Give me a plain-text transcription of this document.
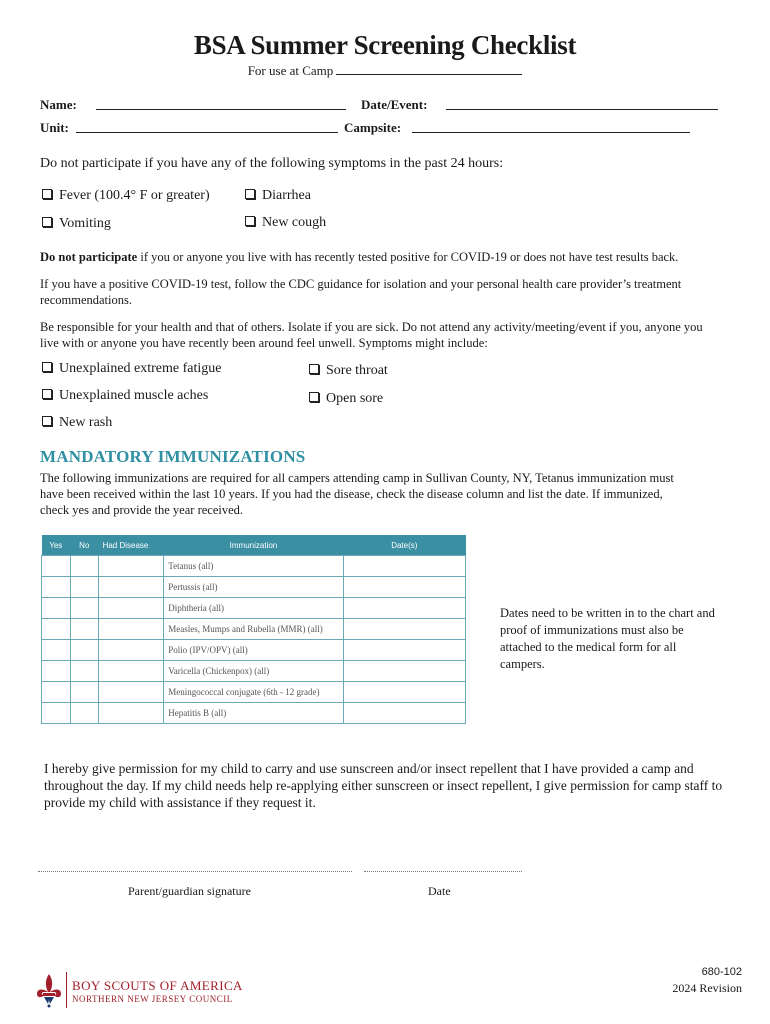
BSA Summer Screening Checklist
For use at Camp
Name:	Date/Event:
Unit:	Campsite:
Do not participate if you have any of the following symptoms in the past 24 hours:
Fever (100.4° F or greater)	Diarrhea
Vomiting	New cough
Do not participate if you or anyone you live with has recently tested positive for COVID-19 or does not have test results back.
If you have a positive COVID-19 test, follow the CDC guidance for isolation and your personal health care provider’s treatment recommendations.
Be responsible for your health and that of others. Isolate if you are sick. Do not attend any activity/meeting/event if you, anyone you live with or anyone you have recently been around feel unwell. Symptoms might include:
Unexplained extreme fatigue	Sore throat
Unexplained muscle aches	Open sore
New rash
MANDATORY IMMUNIZATIONS
The following immunizations are required for all campers attending camp in Sullivan County, NY, Tetanus immunization must have been received within the last 10 years. If you had the disease, check the disease column and list the date. If immunized, check yes and provide the year received.
Yes	No	Had Disease	Immunization	Date(s)
			Tetanus (all)	
			Pertussis (all)	
			Diphtheria (all)	
			Measles, Mumps and Rubella (MMR) (all)	
			Polio (IPV/OPV) (all)	
			Varicella (Chickenpox) (all)	
			Meningococcal conjugate (6th - 12 grade)	
			Hepatitis B (all)	
Dates need to be written in to the chart and proof of immunizations must also be attached to the medical form for all campers.
I hereby give permission for my child to carry and use sunscreen and/or insect repellent that I have provided a camp and throughout the day. If my child needs help re-applying either sunscreen or insect repellent, I give permission for camp staff to provide my child with assistance if they request it.
Parent/guardian signature	Date
BOY SCOUTS OF AMERICA
NORTHERN NEW JERSEY COUNCIL
680-102
2024 Revision
